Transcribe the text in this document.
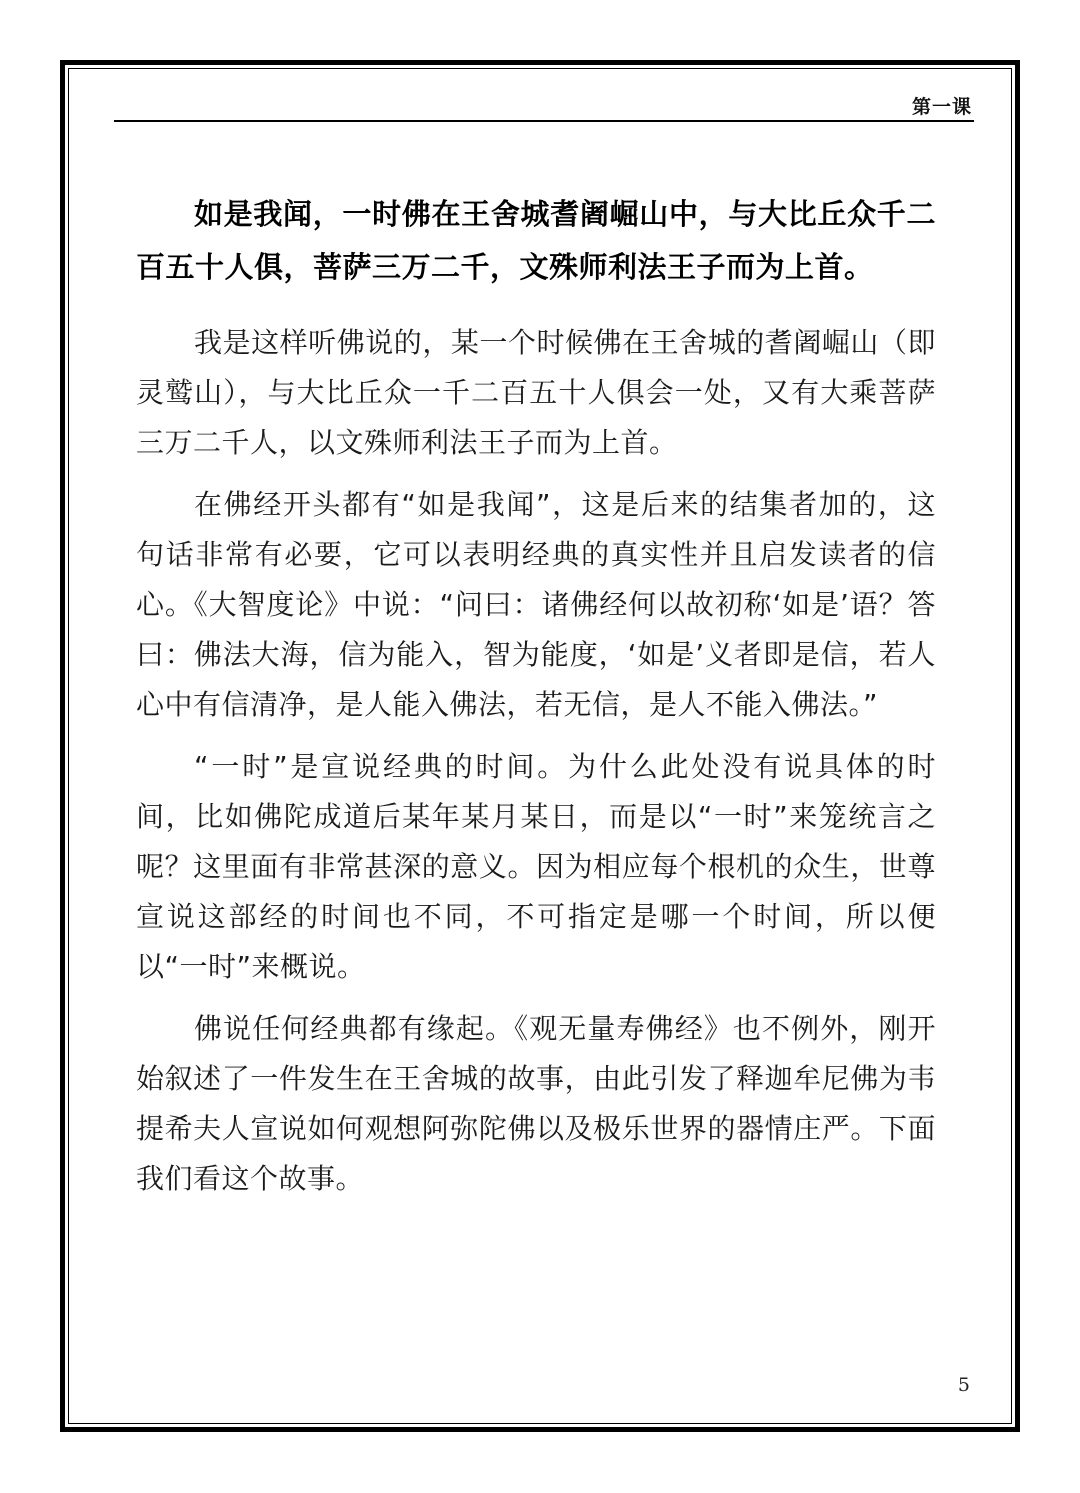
第一课

如是我闻，一时佛在王舍城耆阇崛山中，与大比丘众千二百五十人俱，菩萨三万二千，文殊师利法王子而为上首。

我是这样听佛说的，某一个时候佛在王舍城的耆阇崛山（即灵鹫山），与大比丘众一千二百五十人俱会一处，又有大乘菩萨三万二千人，以文殊师利法王子而为上首。

在佛经开头都有“如是我闻”，这是后来的结集者加的，这句话非常有必要，它可以表明经典的真实性并且启发读者的信心。《大智度论》中说：“问曰：诸佛经何以故初称‘如是’语？答曰：佛法大海，信为能入，智为能度，‘如是’义者即是信，若人心中有信清净，是人能入佛法，若无信，是人不能入佛法。”

“一时”是宣说经典的时间。为什么此处没有说具体的时间，比如佛陀成道后某年某月某日，而是以“一时”来笼统言之呢？这里面有非常甚深的意义。因为相应每个根机的众生，世尊宣说这部经的时间也不同，不可指定是哪一个时间，所以便以“一时”来概说。

佛说任何经典都有缘起。《观无量寿佛经》也不例外，刚开始叙述了一件发生在王舍城的故事，由此引发了释迦牟尼佛为韦提希夫人宣说如何观想阿弥陀佛以及极乐世界的器情庄严。下面我们看这个故事。

5
